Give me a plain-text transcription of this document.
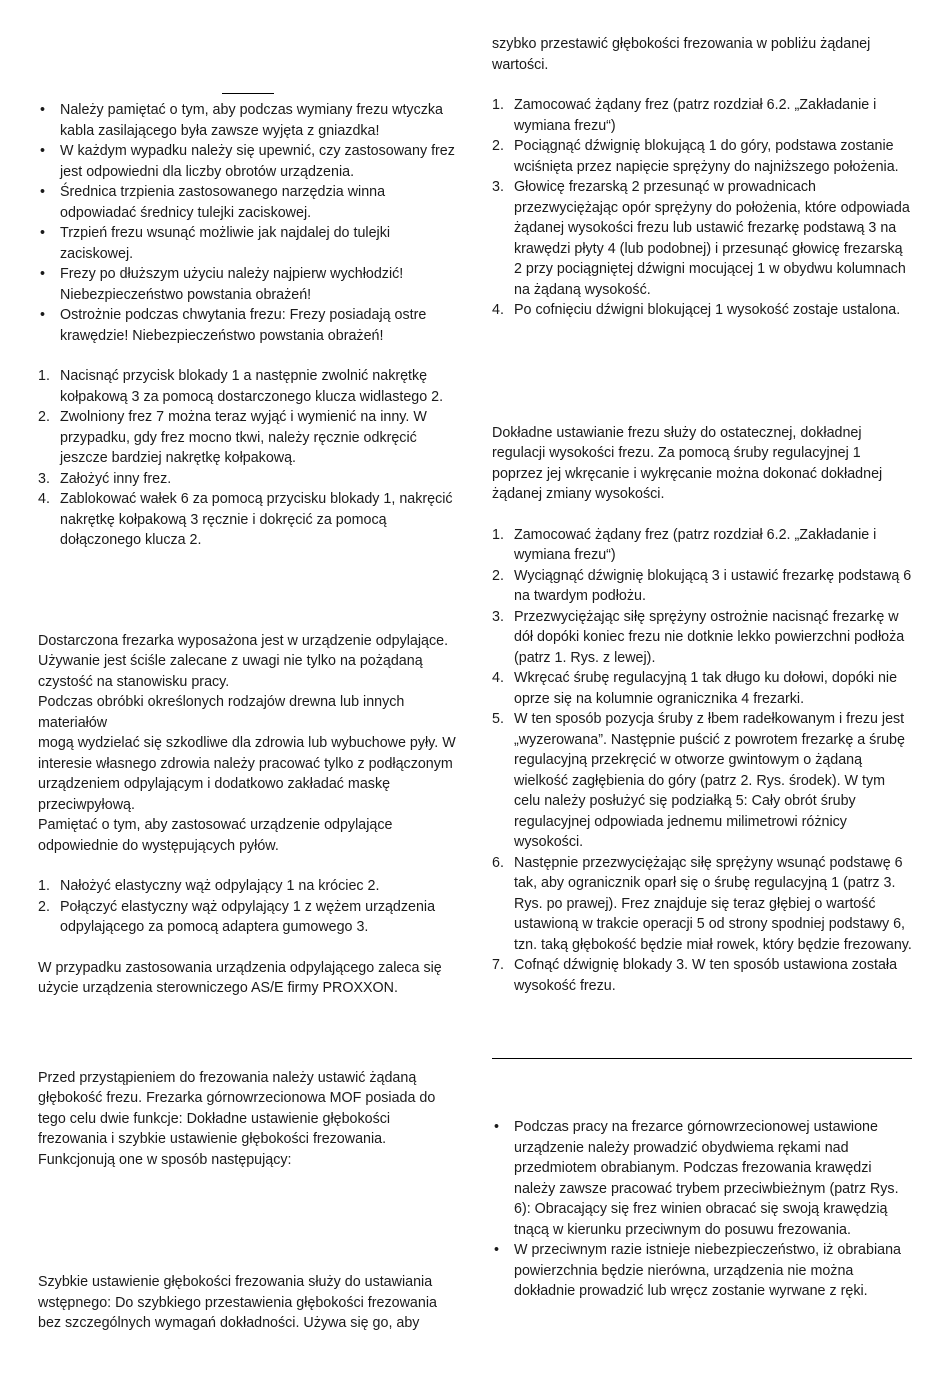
• Należy pamiętać o tym, aby podczas wymiany frezu wtyczka kabla zasilającego była zawsze wyjęta z gniazdka!
• W każdym wypadku należy się upewnić, czy zastosowany frez jest odpowiedni dla liczby obrotów urządzenia.
• Średnica trzpienia zastosowanego narzędzia winna odpowiadać średnicy tulejki zaciskowej.
• Trzpień frezu wsunąć możliwie jak najdalej do tulejki zaciskowej.
• Frezy po dłuższym użyciu należy najpierw wychłodzić! Niebezpieczeństwo powstania obrażeń!
• Ostrożnie podczas chwytania frezu: Frezy posiadają ostre krawędzie! Niebezpieczeństwo powstania obrażeń!
1. Nacisnąć przycisk blokady 1 a następnie zwolnić nakrętkę kołpakową 3 za pomocą dostarczonego klucza widlastego 2.
2. Zwolniony frez 7 można teraz wyjąć i wymienić na inny. W przypadku, gdy frez mocno tkwi, należy ręcznie odkręcić jeszcze bardziej nakrętkę kołpakową.
3. Założyć inny frez.
4. Zablokować wałek 6 za pomocą przycisku blokady 1, nakręcić nakrętkę kołpakową 3 ręcznie i dokręcić za pomocą dołączonego klucza 2.

Dostarczona frezarka wyposażona jest w urządzenie odpylające. Używanie jest ściśle zalecane z uwagi nie tylko na pożądaną czystość na stanowisku pracy.

Podczas obróbki określonych rodzajów drewna lub innych materiałów

mogą wydzielać się szkodliwe dla zdrowia lub wybuchowe pyły. W interesie własnego zdrowia należy pracować tylko z podłączonym urządzeniem odpylającym i dodatkowo zakładać maskę przeciwpyłową.

Pamiętać o tym, aby zastosować urządzenie odpylające odpowiednie do występujących pyłów.

1. Nałożyć elastyczny wąż odpylający 1 na króciec 2.
2. Połączyć elastyczny wąż odpylający 1 z wężem urządzenia odpylającego za pomocą adaptera gumowego 3.

W przypadku zastosowania urządzenia odpylającego zaleca się użycie urządzenia sterowniczego AS/E firmy PROXXON.

Przed przystąpieniem do frezowania należy ustawić żądaną głębokość frezu. Frezarka górnowrzecionowa MOF posiada do tego celu dwie funkcje: Dokładne ustawienie głębokości frezowania i szybkie ustawienie głębokości frezowania.

Funkcjonują one w sposób następujący:

Szybkie ustawienie głębokości frezowania służy do ustawiania wstępnego: Do szybkiego przestawienia głębokości frezowania bez szczególnych wymagań dokładności. Używa się go, aby

szybko przestawić głębokości frezowania w pobliżu żądanej wartości.

1. Zamocować żądany frez (patrz rozdział 6.2. „Zakładanie i wymiana frezu“)
2. Pociągnąć dźwignię blokującą 1 do góry, podstawa zostanie wciśnięta przez napięcie sprężyny do najniższego położenia.
3. Głowicę frezarską 2 przesunąć w prowadnicach przezwyciężając opór sprężyny do położenia, które odpowiada żądanej wysokości frezu lub ustawić frezarkę podstawą 3 na krawędzi płyty 4 (lub podobnej) i przesunąć głowicę frezarską 2 przy pociągniętej dźwigni mocującej 1 w obydwu kolumnach na żądaną wysokość.
4. Po cofnięciu dźwigni blokującej 1 wysokość zostaje ustalona.

Dokładne ustawianie frezu służy do ostatecznej, dokładnej regulacji wysokości frezu. Za pomocą śruby regulacyjnej 1 poprzez jej wkręcanie i wykręcanie można dokonać dokładnej żądanej zmiany wysokości.

1. Zamocować żądany frez (patrz rozdział 6.2. „Zakładanie i wymiana frezu“)
2. Wyciągnąć dźwignię blokującą 3 i ustawić frezarkę podstawą 6 na twardym podłożu.
3. Przezwyciężając siłę sprężyny ostrożnie nacisnąć frezarkę w dół dopóki koniec frezu nie dotknie lekko powierzchni podłoża (patrz 1. Rys. z lewej).
4. Wkręcać śrubę regulacyjną 1 tak długo ku dołowi, dopóki nie oprze się na kolumnie ogranicznika 4 frezarki.
5. W ten sposób pozycja śruby z łbem radełkowanym i frezu jest „wyzerowana”. Następnie puścić z powrotem frezarkę a śrubę regulacyjną przekręcić w otworze gwintowym o żądaną wielkość zagłębienia do góry (patrz 2. Rys. środek). W tym celu należy posłużyć się podziałką 5: Cały obrót śruby regulacyjnej odpowiada jednemu milimetrowi różnicy wysokości.
6. Następnie przezwyciężając siłę sprężyny wsunąć podstawę 6 tak, aby ogranicznik oparł się o śrubę regulacyjną 1 (patrz 3. Rys. po prawej). Frez znajduje się teraz głębiej o wartość ustawioną w trakcie operacji 5 od strony spodniej podstawy 6, tzn. taką głębokość będzie miał rowek, który będzie frezowany.
7. Cofnąć dźwignię blokady 3. W ten sposób ustawiona została wysokość frezu.
• Podczas pracy na frezarce górnowrzecionowej ustawione urządzenie należy prowadzić obydwiema rękami nad przedmiotem obrabianym. Podczas frezowania krawędzi należy zawsze pracować trybem przeciwbieżnym (patrz Rys. 6): Obracający się frez winien obracać się swoją krawędzią tnącą w kierunku przeciwnym do posuwu frezowania.
• W przeciwnym razie istnieje niebezpieczeństwo, iż obrabiana powierzchnia będzie nierówna, urządzenia nie można dokładnie prowadzić lub wręcz zostanie wyrwane z ręki.
